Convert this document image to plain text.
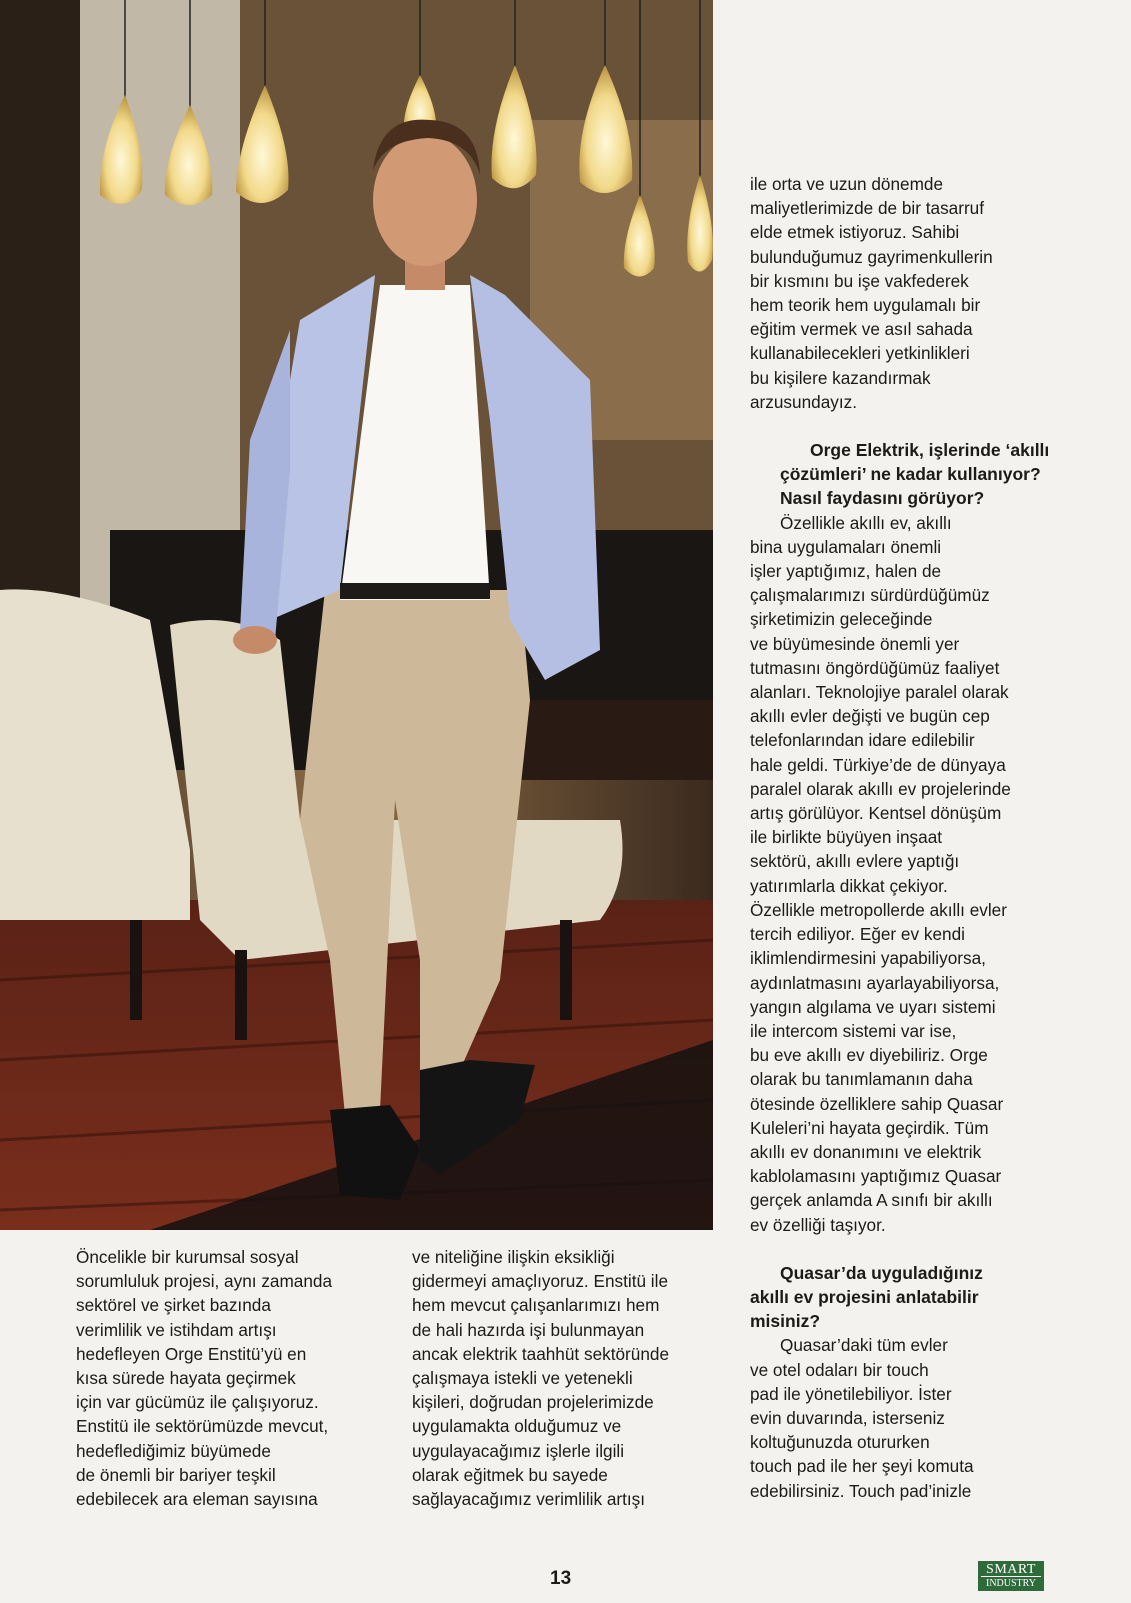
ile orta ve uzun dönemde

maliyetlerimizde de bir tasarruf

elde etmek istiyoruz. Sahibi

bulunduğumuz gayrimenkullerin

bir kısmını bu işe vakfederek

hem teorik hem uygulamalı bir

eğitim vermek ve asıl sahada

kullanabilecekleri yetkinlikleri

bu kişilere kazandırmak

arzusundayız.

Orge Elektrik, işlerinde ‘akıllı

çözümleri’ ne kadar kullanıyor?

Nasıl faydasını görüyor?

Özellikle akıllı ev, akıllı

bina uygulamaları önemli

işler yaptığımız, halen de

çalışmalarımızı sürdürdüğümüz

şirketimizin geleceğinde

ve büyümesinde önemli yer

tutmasını öngördüğümüz faaliyet

alanları. Teknolojiye paralel olarak

akıllı evler değişti ve bugün cep

telefonlarından idare edilebilir

hale geldi. Türkiye’de de dünyaya

paralel olarak akıllı ev projelerinde

artış görülüyor. Kentsel dönüşüm

ile birlikte büyüyen inşaat

sektörü, akıllı evlere yaptığı

yatırımlarla dikkat çekiyor.

Özellikle metropollerde akıllı evler

tercih ediliyor. Eğer ev kendi

iklimlendirmesini yapabiliyorsa,

aydınlatmasını ayarlayabiliyorsa,

yangın algılama ve uyarı sistemi

ile intercom sistemi var ise,

bu eve akıllı ev diyebiliriz. Orge

olarak bu tanımlamanın daha

ötesinde özelliklere sahip Quasar

Kuleleri’ni hayata geçirdik. Tüm

akıllı ev donanımını ve elektrik

kablolamasını yaptığımız Quasar

gerçek anlamda A sınıfı bir akıllı

ev özelliği taşıyor.

Quasar’da uyguladığınız

akıllı ev projesini anlatabilir

misiniz?

Quasar’daki tüm evler

ve otel odaları bir touch

pad ile yönetilebiliyor. İster

evin duvarında, isterseniz

koltuğunuzda otururken

touch pad ile her şeyi komuta

edebilirsiniz. Touch pad’inizle

Öncelikle bir kurumsal sosyal

sorumluluk projesi, aynı zamanda

sektörel ve şirket bazında

verimlilik ve istihdam artışı

hedefleyen Orge Enstitü’yü en

kısa sürede hayata geçirmek

için var gücümüz ile çalışıyoruz.

Enstitü ile sektörümüzde mevcut,

hedeflediğimiz büyümede

de önemli bir bariyer teşkil

edebilecek ara eleman sayısına

ve niteliğine ilişkin eksikliği

gidermeyi amaçlıyoruz. Enstitü ile

hem mevcut çalışanlarımızı hem

de hali hazırda işi bulunmayan

ancak elektrik taahhüt sektöründe

çalışmaya istekli ve yetenekli

kişileri, doğrudan projelerimizde

uygulamakta olduğumuz ve

uygulayacağımız işlerle ilgili

olarak eğitmek bu sayede

sağlayacağımız verimlilik artışı

13	SMART
INDUSTRY
